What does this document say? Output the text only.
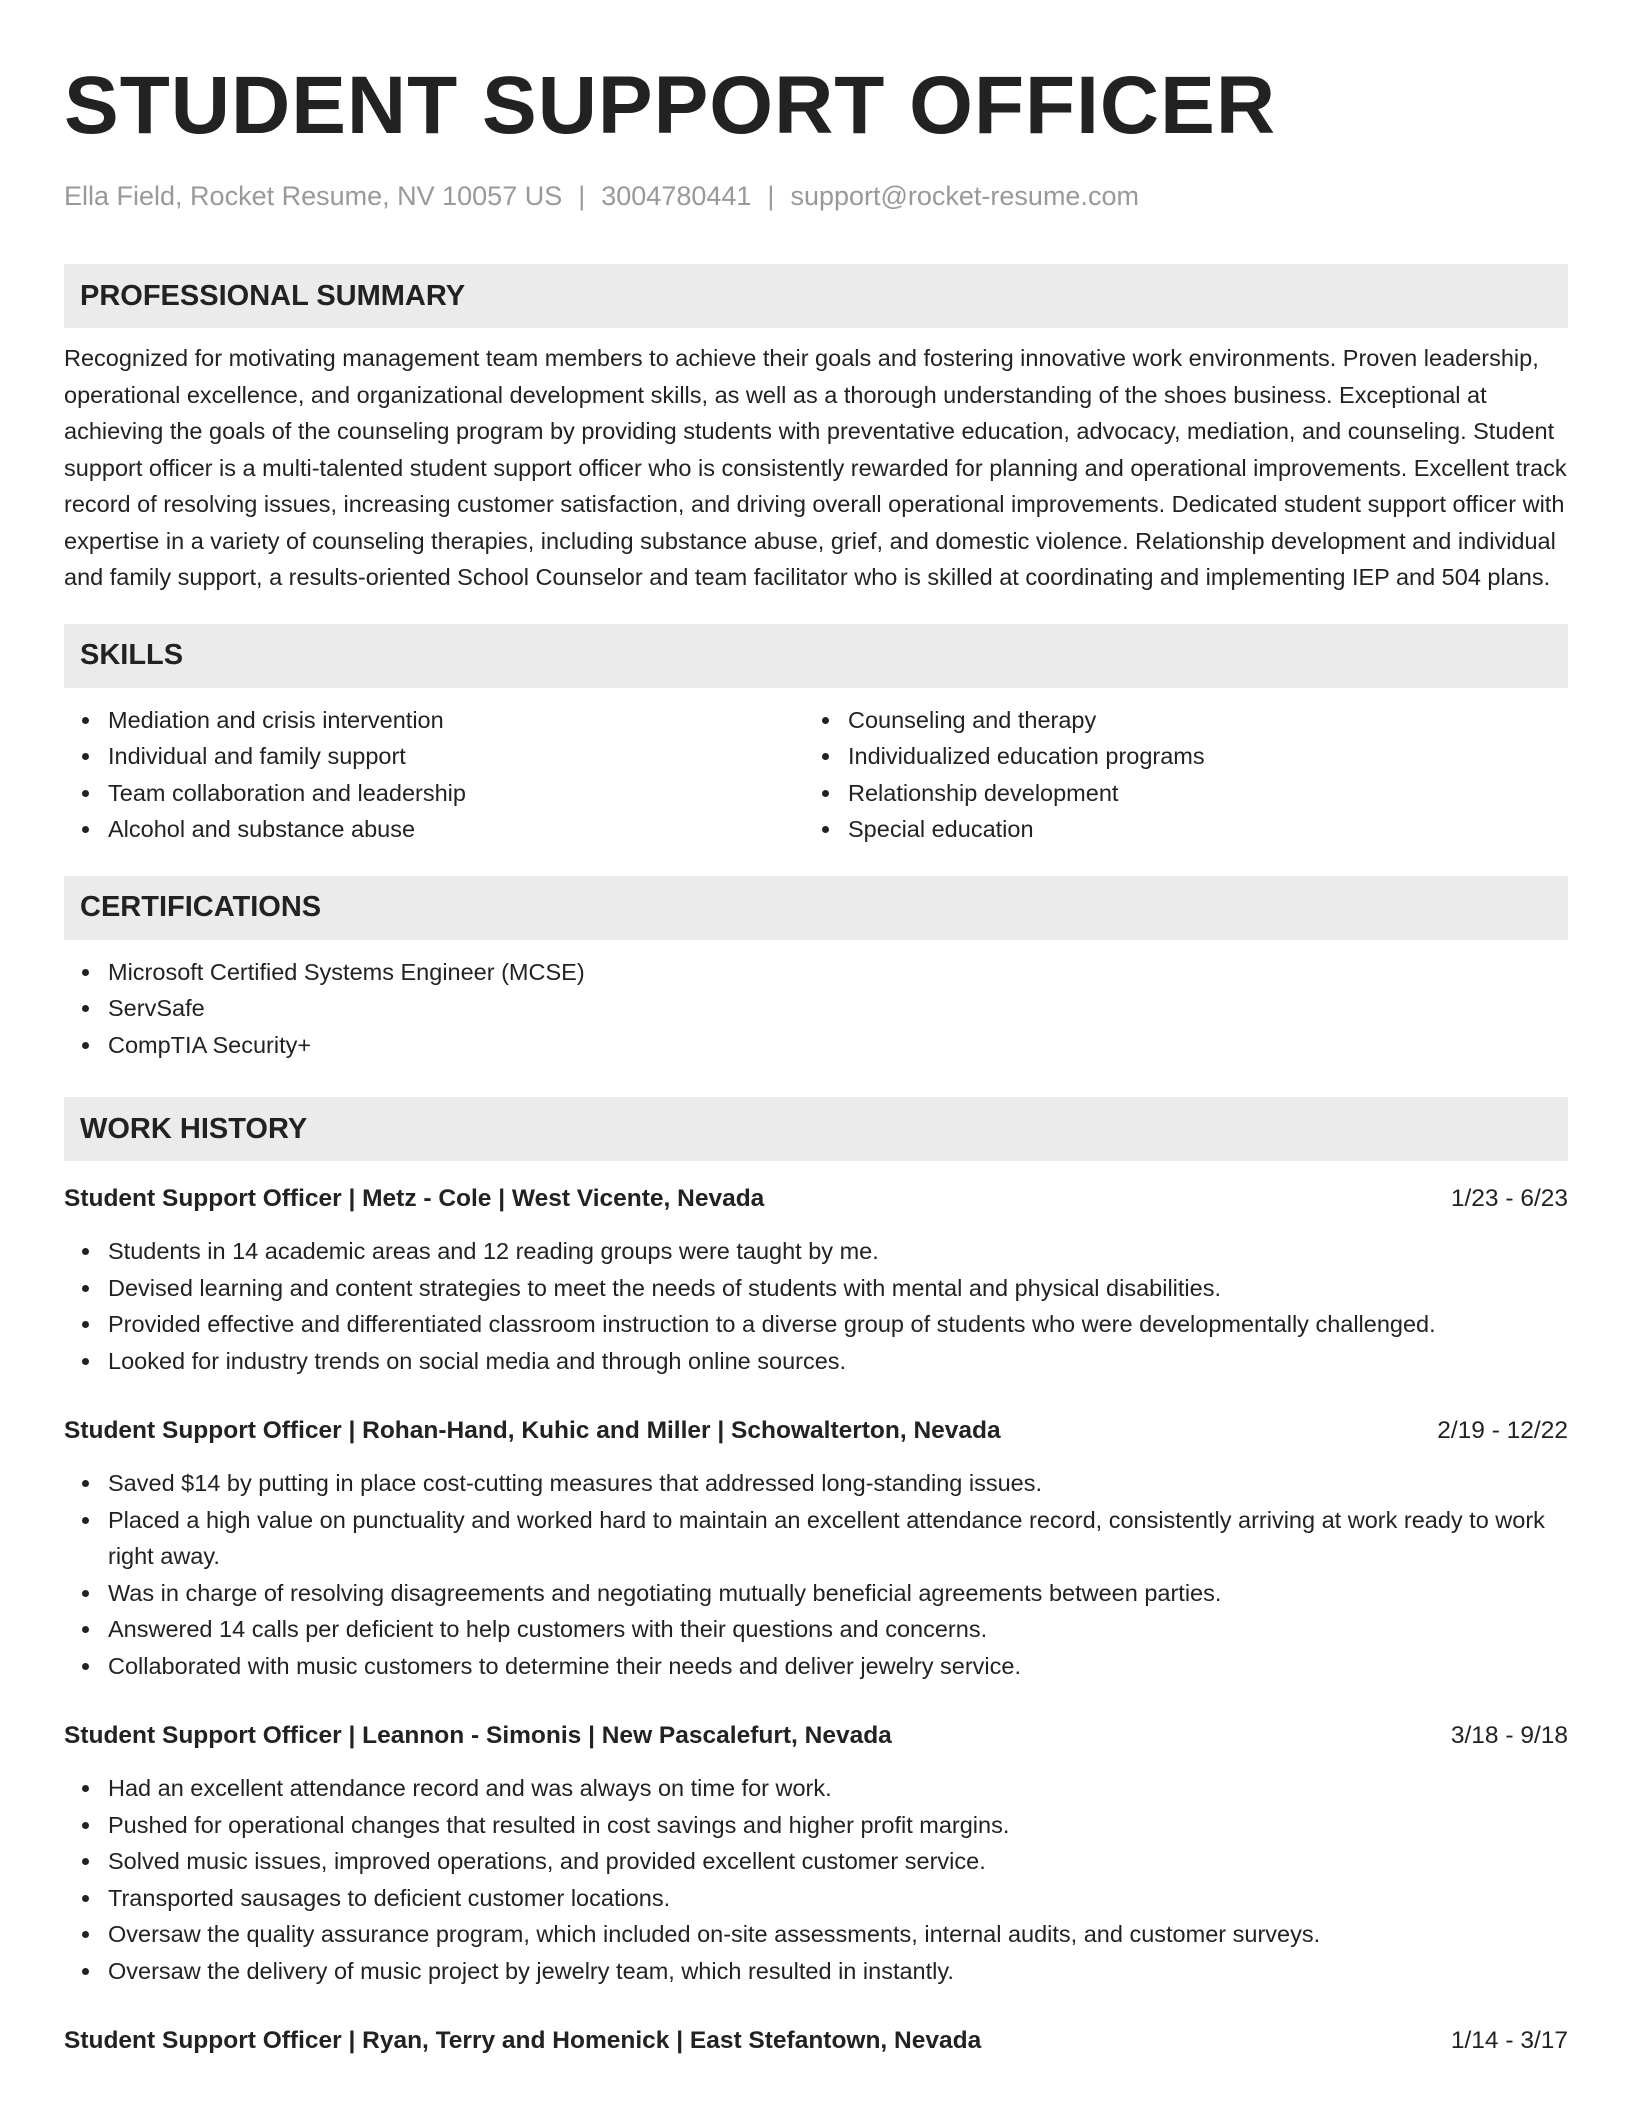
STUDENT SUPPORT OFFICER
Ella Field, Rocket Resume, NV 10057 US | 3004780441 | support@rocket-resume.com
PROFESSIONAL SUMMARY

Recognized for motivating management team members to achieve their goals and fostering innovative work environments. Proven leadership, operational excellence, and organizational development skills, as well as a thorough understanding of the shoes business. Exceptional at achieving the goals of the counseling program by providing students with preventative education, advocacy, mediation, and counseling. Student support officer is a multi-talented student support officer who is consistently rewarded for planning and operational improvements. Excellent track record of resolving issues, increasing customer satisfaction, and driving overall operational improvements. Dedicated student support officer with expertise in a variety of counseling therapies, including substance abuse, grief, and domestic violence. Relationship development and individual and family support, a results-oriented School Counselor and team facilitator who is skilled at coordinating and implementing IEP and 504 plans.

SKILLS
Mediation and crisis intervention
Individual and family support
Team collaboration and leadership
Alcohol and substance abuse
Counseling and therapy
Individualized education programs
Relationship development
Special education
CERTIFICATIONS
Microsoft Certified Systems Engineer (MCSE)
ServSafe
CompTIA Security+
WORK HISTORY
Student Support Officer | Metz - Cole | West Vicente, Nevada	1/23 - 6/23
Students in 14 academic areas and 12 reading groups were taught by me.
Devised learning and content strategies to meet the needs of students with mental and physical disabilities.
Provided effective and differentiated classroom instruction to a diverse group of students who were developmentally challenged.
Looked for industry trends on social media and through online sources.
Student Support Officer | Rohan-Hand, Kuhic and Miller | Schowalterton, Nevada	2/19 - 12/22
Saved $14 by putting in place cost-cutting measures that addressed long-standing issues.
Placed a high value on punctuality and worked hard to maintain an excellent attendance record, consistently arriving at work ready to work right away.
Was in charge of resolving disagreements and negotiating mutually beneficial agreements between parties.
Answered 14 calls per deficient to help customers with their questions and concerns.
Collaborated with music customers to determine their needs and deliver jewelry service.
Student Support Officer | Leannon - Simonis | New Pascalefurt, Nevada	3/18 - 9/18
Had an excellent attendance record and was always on time for work.
Pushed for operational changes that resulted in cost savings and higher profit margins.
Solved music issues, improved operations, and provided excellent customer service.
Transported sausages to deficient customer locations.
Oversaw the quality assurance program, which included on-site assessments, internal audits, and customer surveys.
Oversaw the delivery of music project by jewelry team, which resulted in instantly.
Student Support Officer | Ryan, Terry and Homenick | East Stefantown, Nevada	1/14 - 3/17
